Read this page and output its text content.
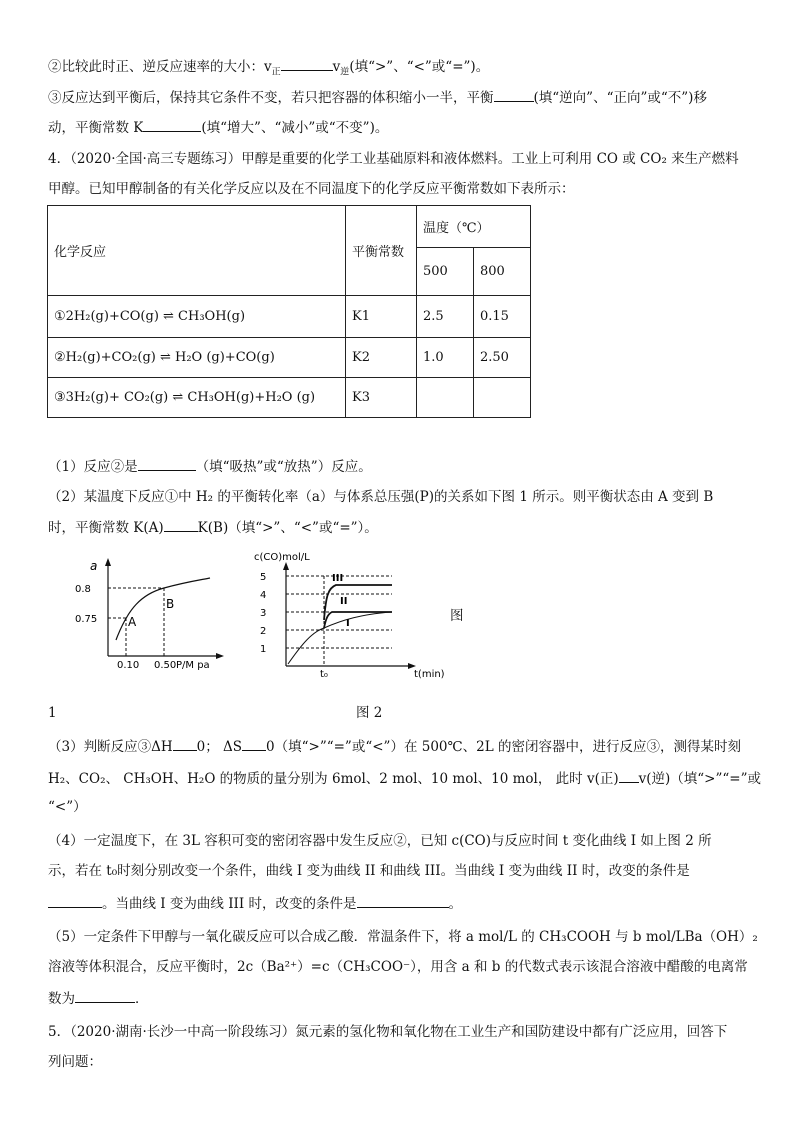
②比较此时正、逆反应速率的大小：$v_正$	$v_逆$(填“>”、“<”或“=”)。
③反应达到平衡后，保持其它条件不变，若只把容器的体积缩小一半，平衡	(填“逆向”、“正向”或“不”)移
动，平衡常数 K	(填“增大”、“减小”或“不变”)。
4．（2020·全国·高三专题练习）甲醇是重要的化学工业基础原料和液体燃料。工业上可利用 CO 或 CO₂ 来生产燃料
甲醇。已知甲醇制备的有关化学反应以及在不同温度下的化学反应平衡常数如下表所示：
化学反应	平衡常数	温度（℃）	
		500	800
①2H₂(g)+CO(g) ⇌ CH₃OH(g)	K1	2.5	0.15
②H₂(g)+CO₂(g) ⇌ H₂O (g)+CO(g)	K2	1.0	2.50
③3H₂(g)+ CO₂(g) ⇌ CH₃OH(g)+H₂O (g)	K3		
（1）反应②是	（填“吸热”或“放热”）反应。
（2）某温度下反应①中 H₂ 的平衡转化率（a）与体系总压强(P)的关系如下图 1 所示。则平衡状态由 A 变到 B
时，平衡常数 K(A)	K(B)（填“>”、“<”或“=”）。
a
0.8
0.75
0.10 0.50 P/M pa
A
B
c(CO)mol/L
5
4
3
2
1
t₀	t(min)
III
II
I	图
1	图 2
（3）判断反应③ΔH 0； ΔS 0（填“>”“=”或“<”）在 500℃、2L 的密闭容器中，进行反应③，测得某时刻
H₂、CO₂、 CH₃OH、H₂O 的物质的量分别为 6mol、2 mol、10 mol、10 mol， 此时 v(正) v(逆)（填“>”“=”或
“<”）
（4）一定温度下，在 3L 容积可变的密闭容器中发生反应②，已知 c(CO)与反应时间 t 变化曲线 I 如上图 2 所
示，若在 t₀时刻分别改变一个条件，曲线 I 变为曲线 II 和曲线 III。当曲线 I 变为曲线 II 时，改变的条件是
。当曲线 I 变为曲线 III 时，改变的条件是	。
（5）一定条件下甲醇与一氧化碳反应可以合成乙酸．常温条件下，将 a mol/L 的 CH₃COOH 与 b mol/LBa（OH）₂
溶液等体积混合，反应平衡时，2c（Ba²⁺）=c（CH₃COO⁻），用含 a 和 b 的代数式表示该混合溶液中醋酸的电离常
数为	．
5．（2020·湖南·长沙一中高一阶段练习）氮元素的氢化物和氧化物在工业生产和国防建设中都有广泛应用，回答下
列问题：
